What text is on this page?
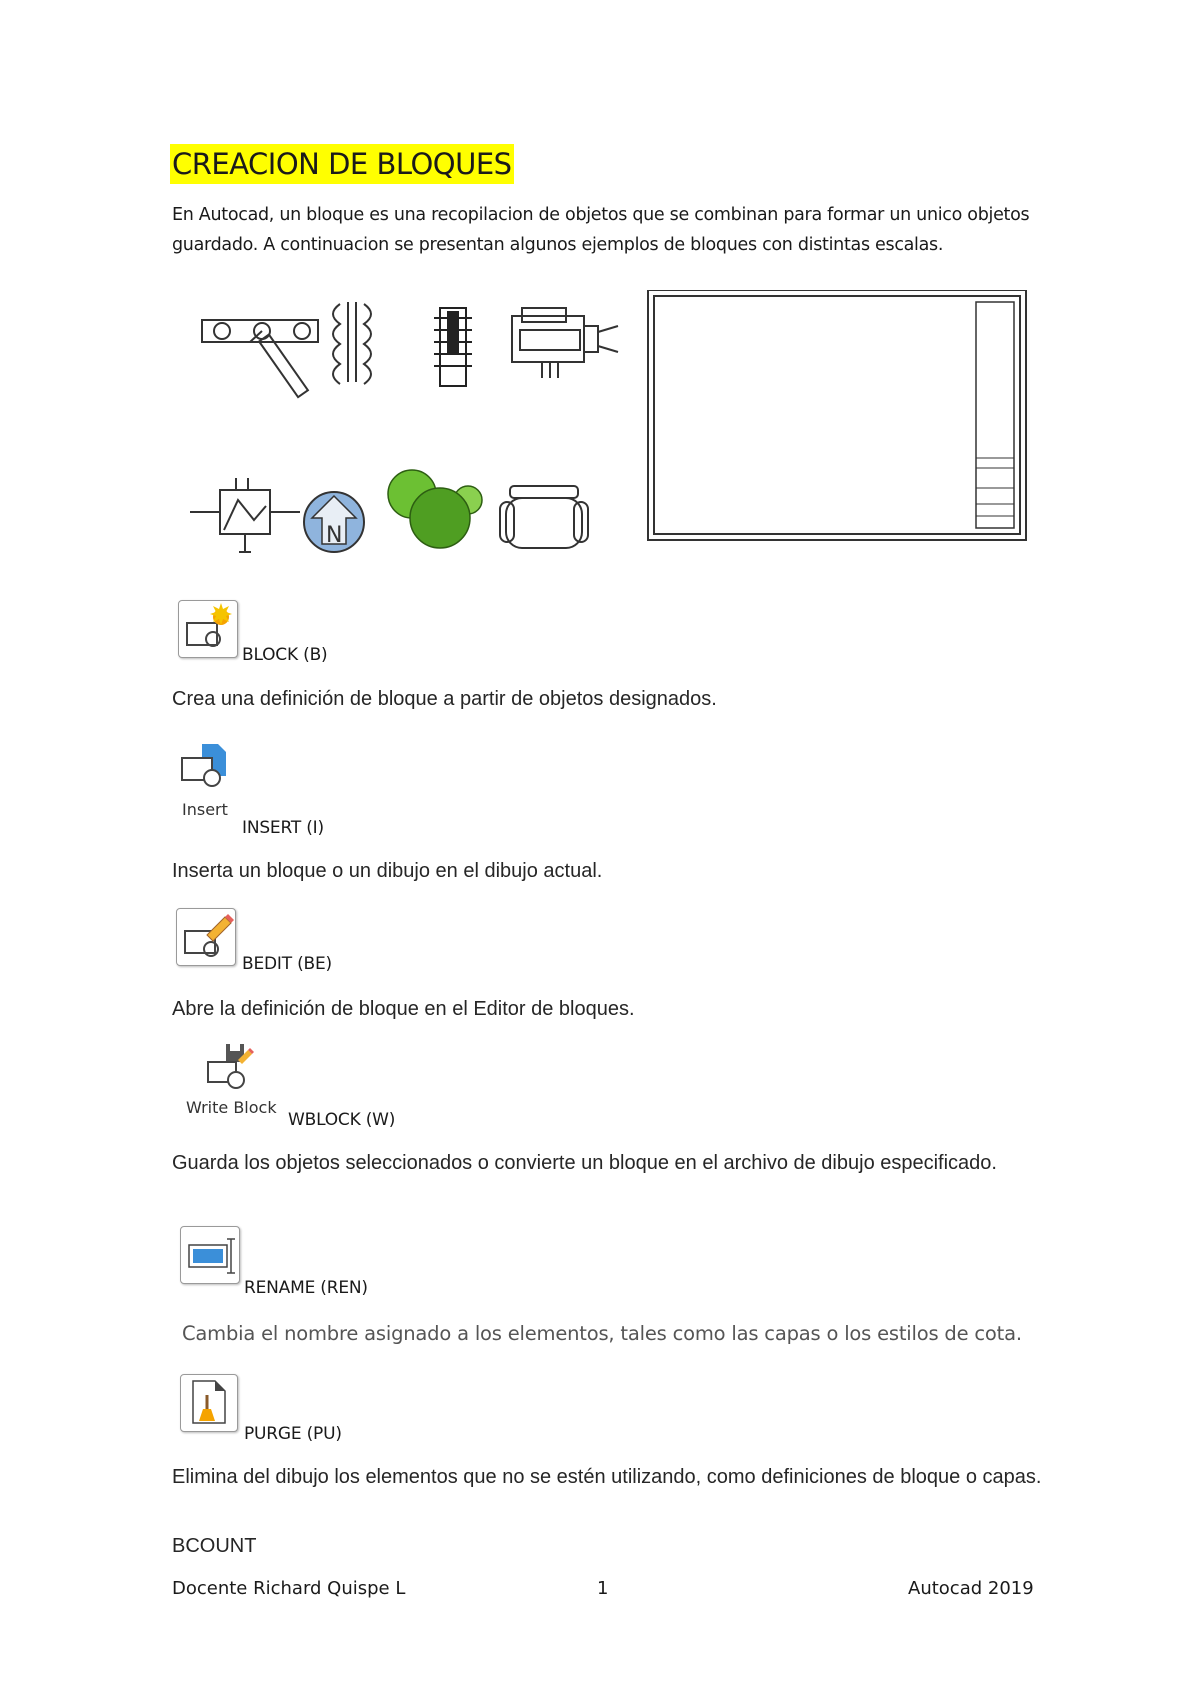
CREACION DE BLOQUES
En Autocad, un bloque es una recopilacion de objetos que se combinan para formar un unico objetos guardado. A continuacion se presentan algunos ejemplos de bloques con distintas escalas.
N
BLOCK (B)
Crea una definición de bloque a partir de objetos designados.
Insert
INSERT (I)
Inserta un bloque o un dibujo en el dibujo actual.
BEDIT (BE)
Abre la definición de bloque en el Editor de bloques.
Write Block
WBLOCK (W)
Guarda los objetos seleccionados o convierte un bloque en el archivo de dibujo especificado.
RENAME (REN)
Cambia el nombre asignado a los elementos, tales como las capas o los estilos de cota.
PURGE (PU)
Elimina del dibujo los elementos que no se estén utilizando, como definiciones de bloque o capas.
BCOUNT
Docente Richard Quispe L	1	Autocad 2019
